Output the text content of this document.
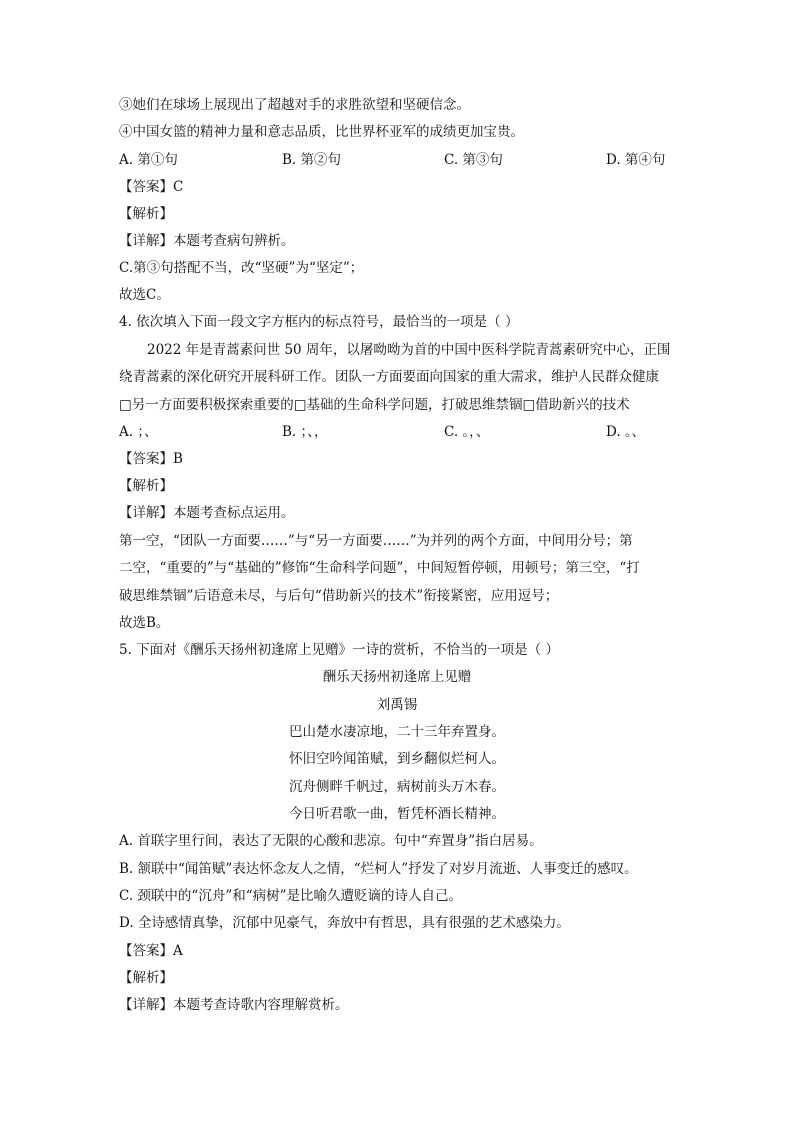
③她们在球场上展现出了超越对手的求胜欲望和坚硬信念。
④中国女篮的精神力量和意志品质，比世界杯亚军的成绩更加宝贵。
A. 第①句	B. 第②句	C. 第③句	D. 第④句
【答案】C
【解析】
【详解】本题考查病句辨析。
C.第③句搭配不当，改“坚硬”为“坚定”；
故选C。
4. 依次填入下面一段文字方框内的标点符号，最恰当的一项是（ ）
2022 年是青蒿素问世 50 周年，以屠呦呦为首的中国中医科学院青蒿素研究中心，正围
绕青蒿素的深化研究开展科研工作。团队一方面要面向国家的重大需求，维护人民群众健康
□另一方面要积极探索重要的□基础的生命科学问题，打破思维禁锢□借助新兴的技术
A. ；、	B. ；、，	C. 。，、	D. 。、
【答案】B
【解析】
【详解】本题考查标点运用。
第一空，“团队一方面要……”与“另一方面要……”为并列的两个方面，中间用分号；第
二空，“重要的”与“基础的”修饰“生命科学问题”，中间短暂停顿，用顿号；第三空，“打
破思维禁锢”后语意未尽，与后句“借助新兴的技术”衔接紧密，应用逗号；
故选B。
5. 下面对《酬乐天扬州初逢席上见赠》一诗的赏析，不恰当的一项是（ ）
酬乐天扬州初逢席上见赠
刘禹锡
巴山楚水凄凉地，二十三年弃置身。
怀旧空吟闻笛赋，到乡翻似烂柯人。
沉舟侧畔千帆过，病树前头万木春。
今日听君歌一曲，暂凭杯酒长精神。
A. 首联字里行间，表达了无限的心酸和悲凉。句中“弃置身”指白居易。
B. 颔联中“闻笛赋”表达怀念友人之情，“烂柯人”抒发了对岁月流逝、人事变迁的感叹。
C. 颈联中的“沉舟”和“病树”是比喻久遭贬谪的诗人自己。
D. 全诗感情真挚，沉郁中见豪气，奔放中有哲思，具有很强的艺术感染力。
【答案】A
【解析】
【详解】本题考查诗歌内容理解赏析。
